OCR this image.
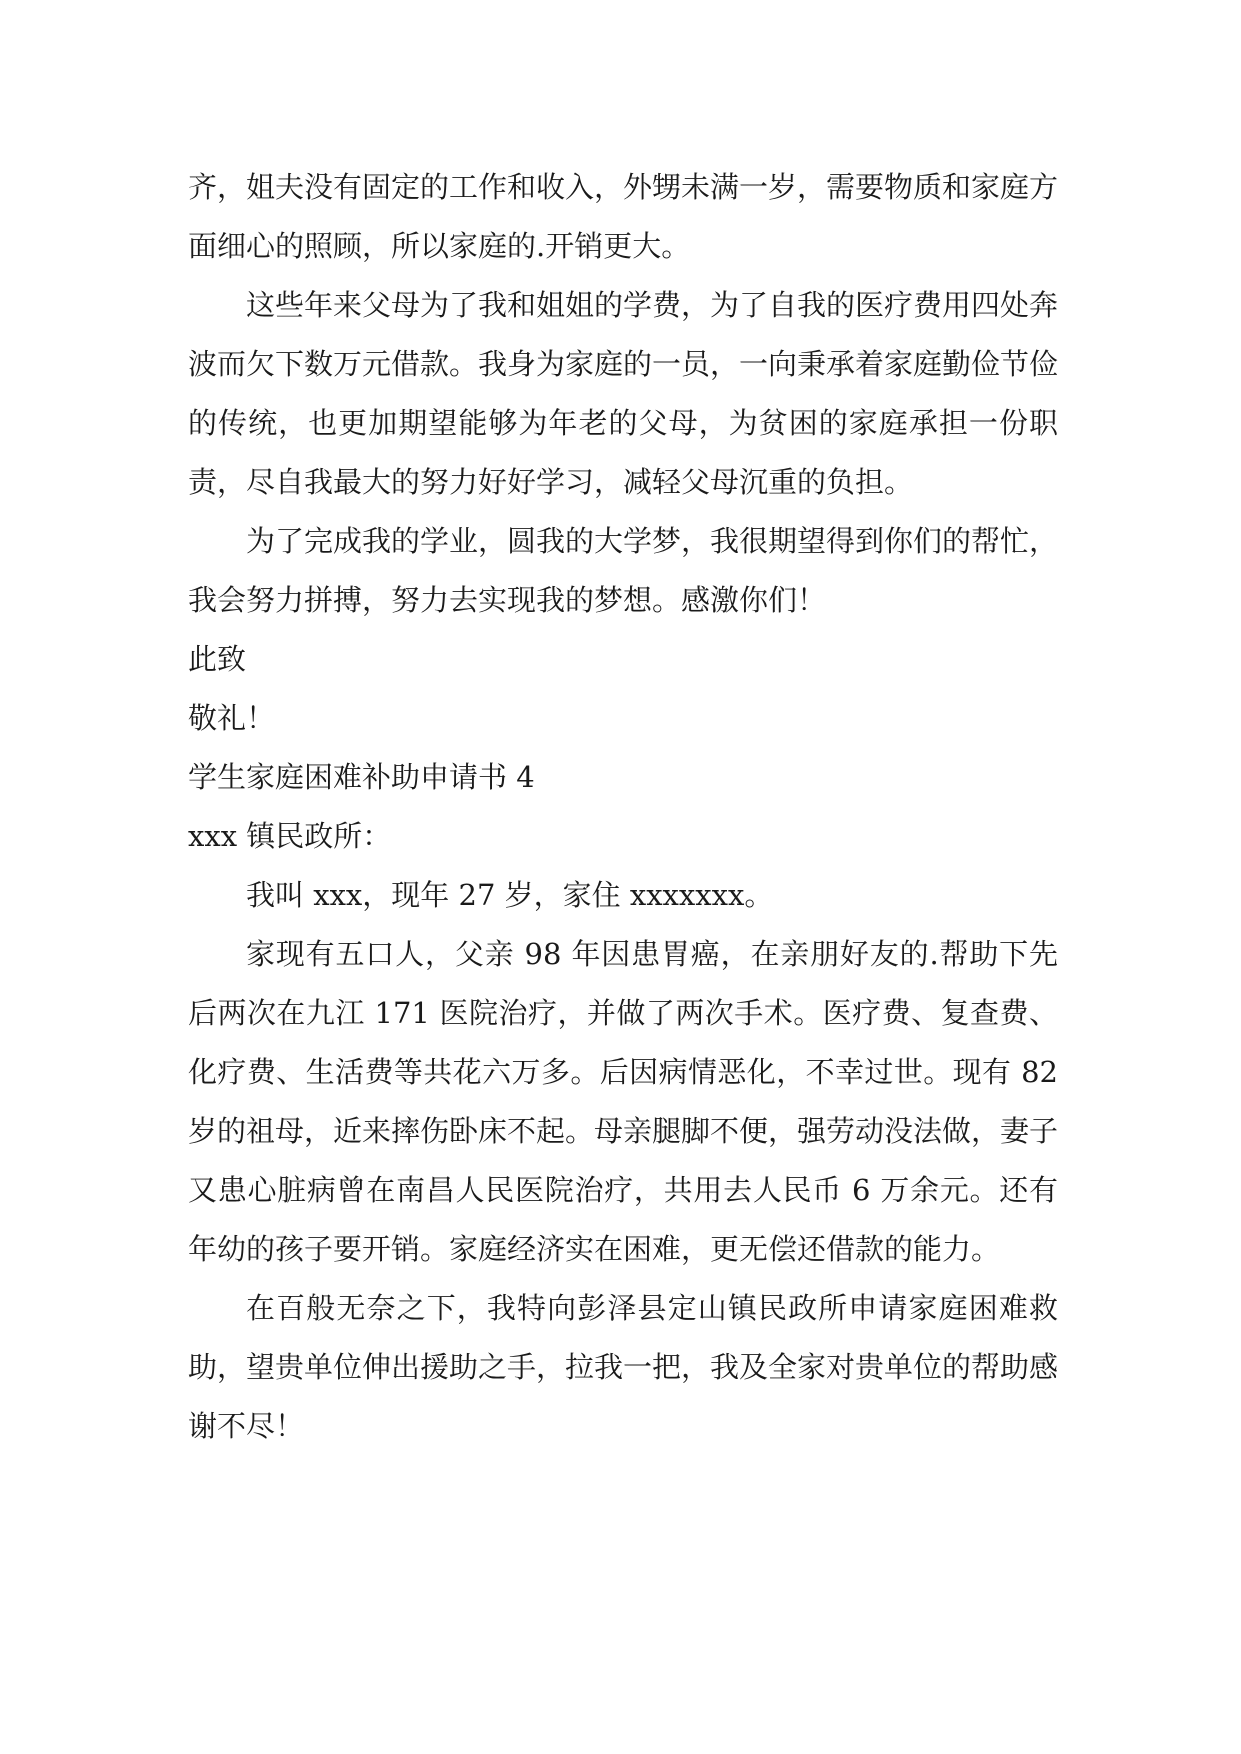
齐，姐夫没有固定的工作和收入，外甥未满一岁，需要物质和家庭方面细心的照顾，所以家庭的.开销更大。

这些年来父母为了我和姐姐的学费，为了自我的医疗费用四处奔波而欠下数万元借款。我身为家庭的一员，一向秉承着家庭勤俭节俭的传统，也更加期望能够为年老的父母，为贫困的家庭承担一份职责，尽自我最大的努力好好学习，减轻父母沉重的负担。

为了完成我的学业，圆我的大学梦，我很期望得到你们的帮忙，我会努力拼搏，努力去实现我的梦想。感激你们！

此致

敬礼！

学生家庭困难补助申请书 4

xxx 镇民政所：

我叫 xxx，现年 27 岁，家住 xxxxxxx。

家现有五口人，父亲 98 年因患胃癌，在亲朋好友的.帮助下先后两次在九江 171 医院治疗，并做了两次手术。医疗费、复查费、化疗费、生活费等共花六万多。后因病情恶化，不幸过世。现有 82 岁的祖母，近来摔伤卧床不起。母亲腿脚不便，强劳动没法做，妻子又患心脏病曾在南昌人民医院治疗，共用去人民币 6 万余元。还有年幼的孩子要开销。家庭经济实在困难，更无偿还借款的能力。

在百般无奈之下，我特向彭泽县定山镇民政所申请家庭困难救助，望贵单位伸出援助之手，拉我一把，我及全家对贵单位的帮助感谢不尽！
